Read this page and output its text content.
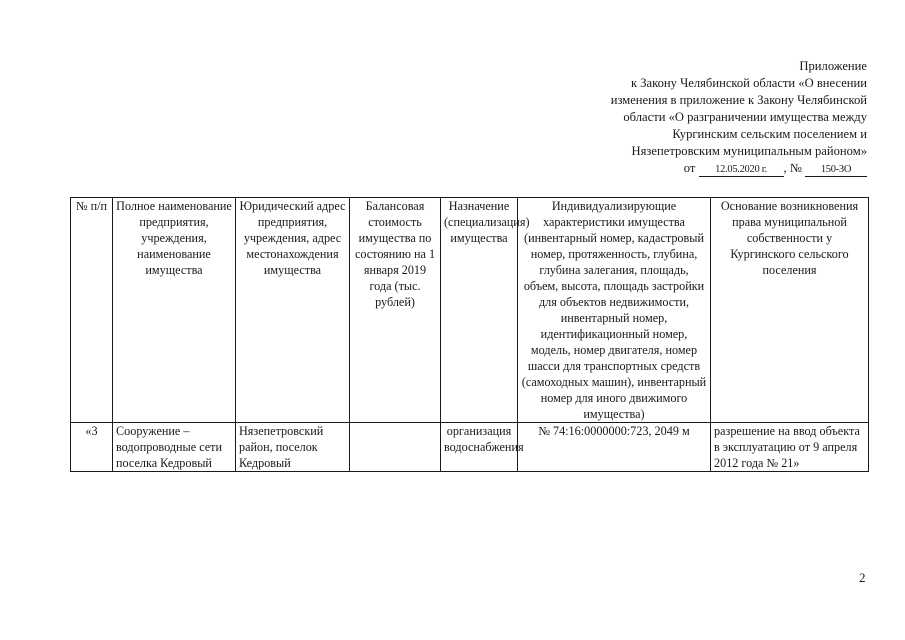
Приложение
к Закону Челябинской области «О внесении
изменения в приложение к Закону Челябинской
области «О разграничении имущества между
Кургинским сельским поселением и
Нязепетровским муниципальным районом»
от 12.05.2020 г. , № 150-ЗО
№ п/п	Полное наименование предприятия, учреждения, наименование имущества	Юридический адрес предприятия, учреждения, адрес местонахождения имущества	Балансовая стоимость имущества по состоянию на 1 января 2019 года (тыс. рублей)	Назначение (специализация) имущества	Индивидуализирующие характеристики имущества (инвентарный номер, кадастровый номер, протяженность, глубина, глубина залегания, площадь, объем, высота, площадь застройки для объектов недвижимости, инвентарный номер, идентификационный номер, модель, номер двигателя, номер шасси для транспортных средств (самоходных машин), инвентарный номер для иного движимого имущества)	Основание возникновения права муниципальной собственности у Кургинского сельского поселения

«3	Сооружение – водопроводные сети поселка Кедровый	Нязепетровский район, поселок Кедровый		организация водоснабжения	№ 74:16:0000000:723, 2049 м	разрешение на ввод объекта в эксплуатацию от 9 апреля 2012 года № 21»
2
